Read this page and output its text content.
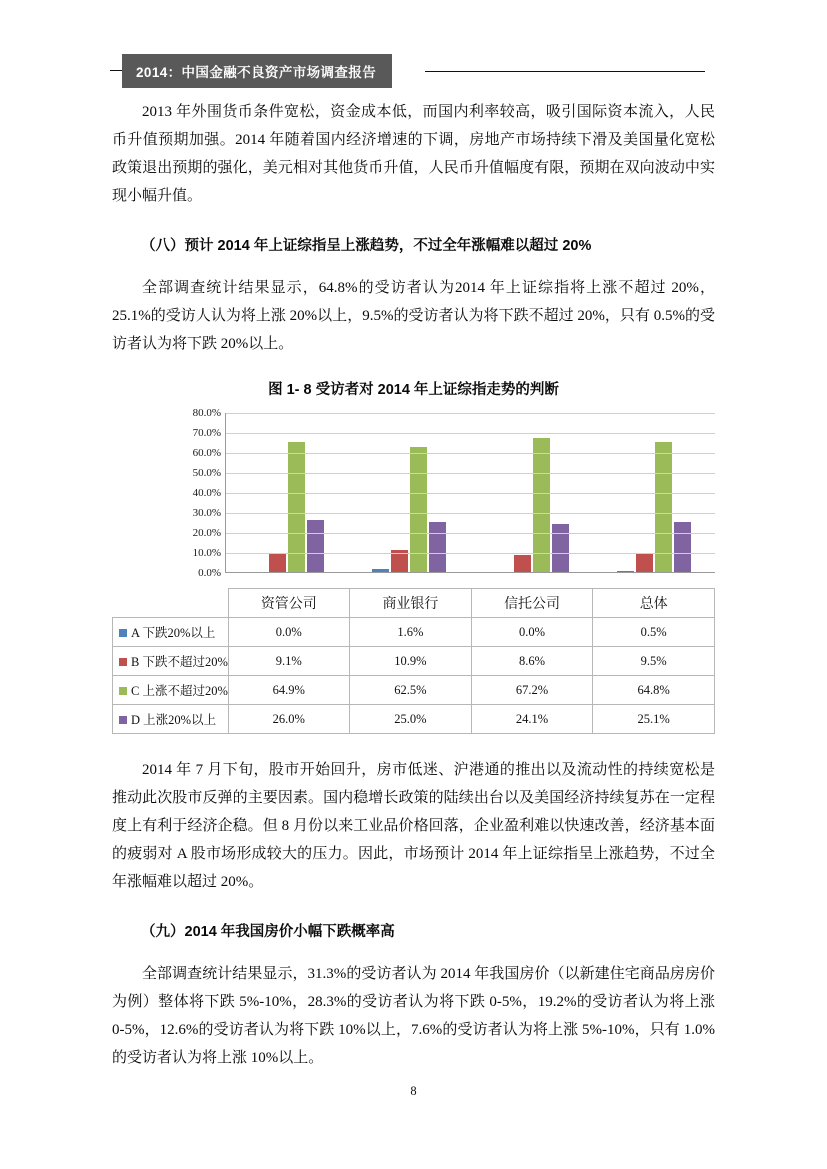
2014：中国金融不良资产市场调查报告

2013 年外围货币条件宽松，资金成本低，而国内利率较高，吸引国际资本流入，人民币升值预期加强。2014 年随着国内经济增速的下调，房地产市场持续下滑及美国量化宽松政策退出预期的强化，美元相对其他货币升值，人民币升值幅度有限，预期在双向波动中实现小幅升值。

（八）预计 2014 年上证综指呈上涨趋势，不过全年涨幅难以超过 20%

全部调查统计结果显示，64.8%的受访者认为2014 年上证综指将上涨不超过 20%，25.1%的受访人认为将上涨 20%以上，9.5%的受访者认为将下跌不超过 20%，只有 0.5%的受访者认为将下跌 20%以上。

图 1- 8 受访者对 2014 年上证综指走势的判断
80.0%
70.0%
60.0%
50.0%
40.0%
30.0%
20.0%
10.0%
0.0%
	资管公司	商业银行	信托公司	总体
A 下跌20%以上	0.0%	1.6%	0.0%	0.5%
B 下跌不超过20%	9.1%	10.9%	8.6%	9.5%
C 上涨不超过20%	64.9%	62.5%	67.2%	64.8%
D 上涨20%以上	26.0%	25.0%	24.1%	25.1%

2014 年 7 月下旬，股市开始回升，房市低迷、沪港通的推出以及流动性的持续宽松是推动此次股市反弹的主要因素。国内稳增长政策的陆续出台以及美国经济持续复苏在一定程度上有利于经济企稳。但 8 月份以来工业品价格回落，企业盈利难以快速改善，经济基本面的疲弱对 A 股市场形成较大的压力。因此，市场预计 2014 年上证综指呈上涨趋势，不过全年涨幅难以超过 20%。

（九）2014 年我国房价小幅下跌概率高

全部调查统计结果显示，31.3%的受访者认为 2014 年我国房价（以新建住宅商品房房价为例）整体将下跌 5%-10%，28.3%的受访者认为将下跌 0-5%，19.2%的受访者认为将上涨 0-5%，12.6%的受访者认为将下跌 10%以上，7.6%的受访者认为将上涨 5%-10%，只有 1.0%的受访者认为将上涨 10%以上。

8
